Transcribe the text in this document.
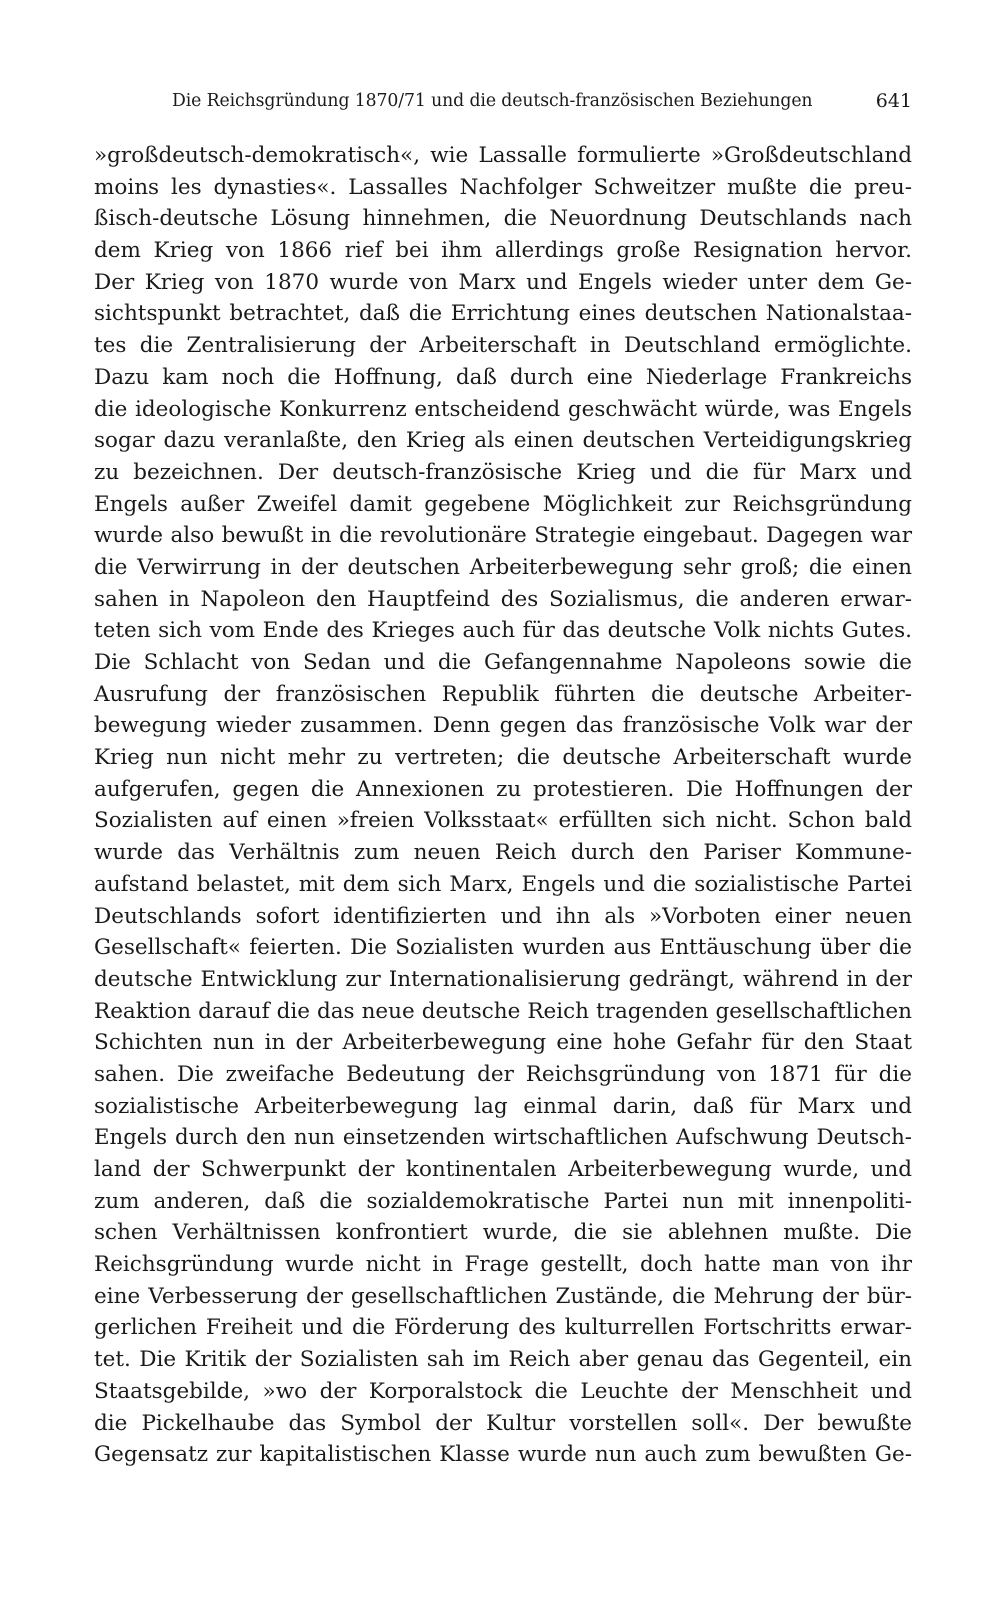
Die Reichsgründung 1870/71 und die deutsch-französischen Beziehungen	641
»großdeutsch-demokratisch«, wie Lassalle formulierte »Großdeutschland
moins les dynasties«. Lassalles Nachfolger Schweitzer mußte die preu-
ßisch-deutsche Lösung hinnehmen, die Neuordnung Deutschlands nach
dem Krieg von 1866 rief bei ihm allerdings große Resignation hervor.
Der Krieg von 1870 wurde von Marx und Engels wieder unter dem Ge-
sichtspunkt betrachtet, daß die Errichtung eines deutschen Nationalstaa-
tes die Zentralisierung der Arbeiterschaft in Deutschland ermöglichte.
Dazu kam noch die Hoffnung, daß durch eine Niederlage Frankreichs
die ideologische Konkurrenz entscheidend geschwächt würde, was Engels
sogar dazu veranlaßte, den Krieg als einen deutschen Verteidigungskrieg
zu bezeichnen. Der deutsch-französische Krieg und die für Marx und
Engels außer Zweifel damit gegebene Möglichkeit zur Reichsgründung
wurde also bewußt in die revolutionäre Strategie eingebaut. Dagegen war
die Verwirrung in der deutschen Arbeiterbewegung sehr groß; die einen
sahen in Napoleon den Hauptfeind des Sozialismus, die anderen erwar-
teten sich vom Ende des Krieges auch für das deutsche Volk nichts Gutes.
Die Schlacht von Sedan und die Gefangennahme Napoleons sowie die
Ausrufung der französischen Republik führten die deutsche Arbeiter-
bewegung wieder zusammen. Denn gegen das französische Volk war der
Krieg nun nicht mehr zu vertreten; die deutsche Arbeiterschaft wurde
aufgerufen, gegen die Annexionen zu protestieren. Die Hoffnungen der
Sozialisten auf einen »freien Volksstaat« erfüllten sich nicht. Schon bald
wurde das Verhältnis zum neuen Reich durch den Pariser Kommune-
aufstand belastet, mit dem sich Marx, Engels und die sozialistische Partei
Deutschlands sofort identifizierten und ihn als »Vorboten einer neuen
Gesellschaft« feierten. Die Sozialisten wurden aus Enttäuschung über die
deutsche Entwicklung zur Internationalisierung gedrängt, während in der
Reaktion darauf die das neue deutsche Reich tragenden gesellschaftlichen
Schichten nun in der Arbeiterbewegung eine hohe Gefahr für den Staat
sahen. Die zweifache Bedeutung der Reichsgründung von 1871 für die
sozialistische Arbeiterbewegung lag einmal darin, daß für Marx und
Engels durch den nun einsetzenden wirtschaftlichen Aufschwung Deutsch-
land der Schwerpunkt der kontinentalen Arbeiterbewegung wurde, und
zum anderen, daß die sozialdemokratische Partei nun mit innenpoliti-
schen Verhältnissen konfrontiert wurde, die sie ablehnen mußte. Die
Reichsgründung wurde nicht in Frage gestellt, doch hatte man von ihr
eine Verbesserung der gesellschaftlichen Zustände, die Mehrung der bür-
gerlichen Freiheit und die Förderung des kulturrellen Fortschritts erwar-
tet. Die Kritik der Sozialisten sah im Reich aber genau das Gegenteil, ein
Staatsgebilde, »wo der Korporalstock die Leuchte der Menschheit und
die Pickelhaube das Symbol der Kultur vorstellen soll«. Der bewußte
Gegensatz zur kapitalistischen Klasse wurde nun auch zum bewußten Ge-
